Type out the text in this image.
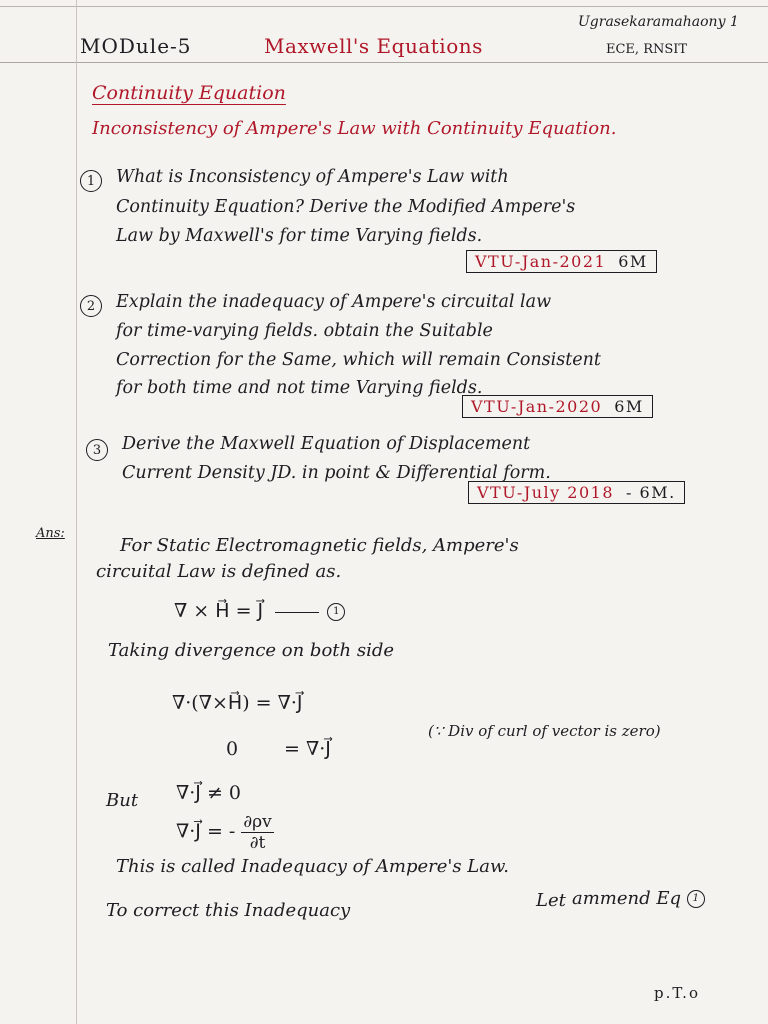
MODule-5	Maxwell's Equations
Ugrasekaramahaony 1
ECE, RNSIT
Continuity Equation
Inconsistency of Ampere's Law with Continuity Equation.
1	What is Inconsistency of Ampere's Law with
Continuity Equation? Derive the Modified Ampere's
Law by Maxwell's for time Varying fields.
VTU-Jan-2021 6M
2	Explain the inadequacy of Ampere's circuital law
for time-varying fields. obtain the Suitable
Correction for the Same, which will remain Consistent
for both time and not time Varying fields.
VTU-Jan-2020 6M
3	Derive the Maxwell Equation of Displacement
Current Density JD. in point & Differential form.
VTU-July 2018 - 6M.
Ans:
For Static Electromagnetic fields, Ampere's
circuital Law is defined as.
∇ × H⃗ = J⃗	1
Taking divergence on both side
∇·(∇×H⃗) = ∇·J⃗
0 = ∇·J⃗
(∵ Div of curl of vector is zero)
But ∇·J⃗ ≠ 0
∇·J⃗ = - $\frac{\partial\rho v}{\partial t}$
This is called Inadequacy of Ampere's Law.
To correct this Inadequacy	Let ammend Eq 1
p.T.o
